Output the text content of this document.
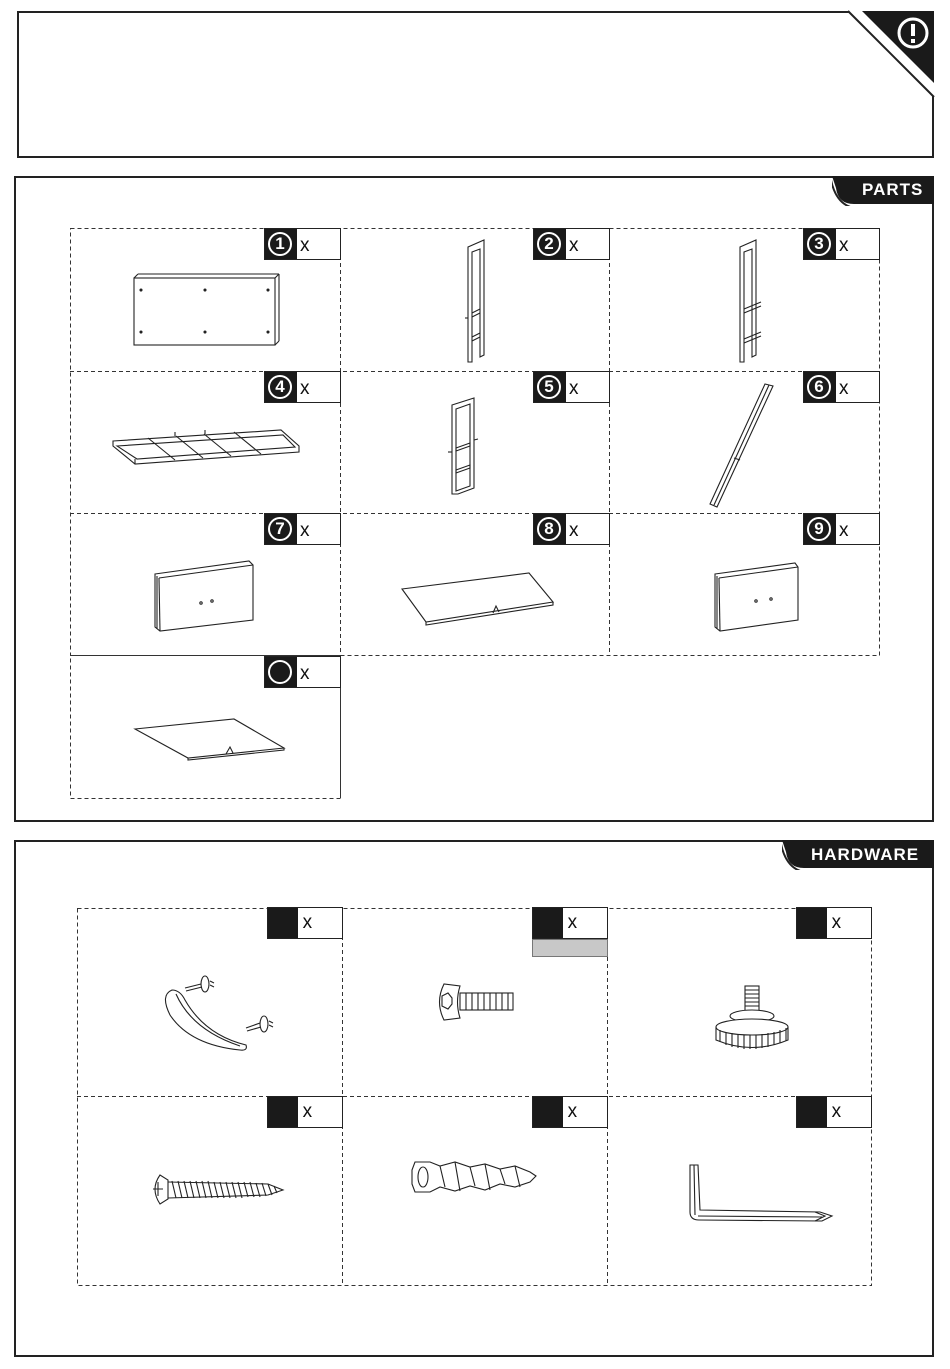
PARTS
1 x	2 x	3 x
4 x	5 x	6 x
7 x	8 x	9 x
x
HARDWARE
x	x	x
x	x	x
